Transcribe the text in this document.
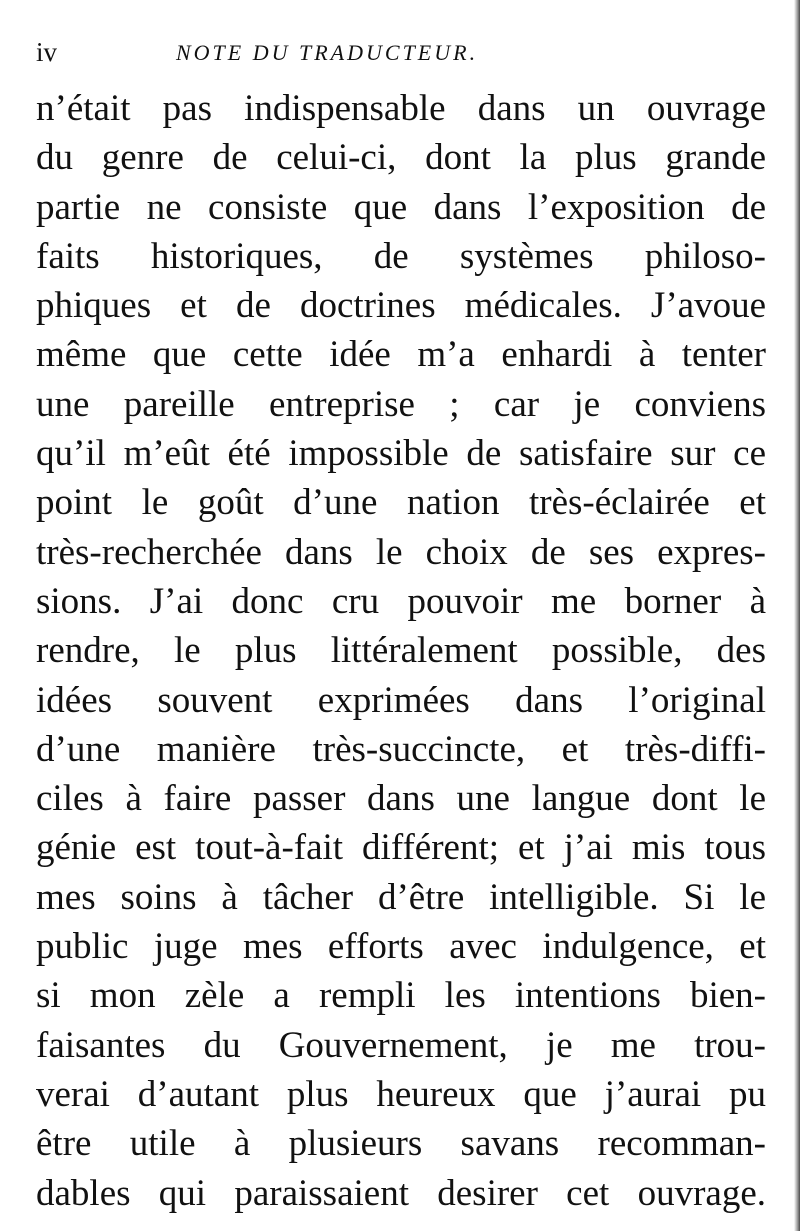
iv	NOTE DU TRADUCTEUR.
n’était pas indispensable dans un ouvrage
du genre de celui-ci, dont la plus grande
partie ne consiste que dans l’exposition de
faits historiques, de systèmes philoso-
phiques et de doctrines médicales. J’avoue
même que cette idée m’a enhardi à tenter
une pareille entreprise ; car je conviens
qu’il m’eût été impossible de satisfaire sur ce
point le goût d’une nation très-éclairée et
très-recherchée dans le choix de ses expres-
sions. J’ai donc cru pouvoir me borner à
rendre, le plus littéralement possible, des
idées souvent exprimées dans l’original
d’une manière très-succincte, et très-diffi-
ciles à faire passer dans une langue dont le
génie est tout-à-fait différent; et j’ai mis tous
mes soins à tâcher d’être intelligible. Si le
public juge mes efforts avec indulgence, et
si mon zèle a rempli les intentions bien-
faisantes du Gouvernement, je me trou-
verai d’autant plus heureux que j’aurai pu
être utile à plusieurs savans recomman-
dables qui paraissaient desirer cet ouvrage.
